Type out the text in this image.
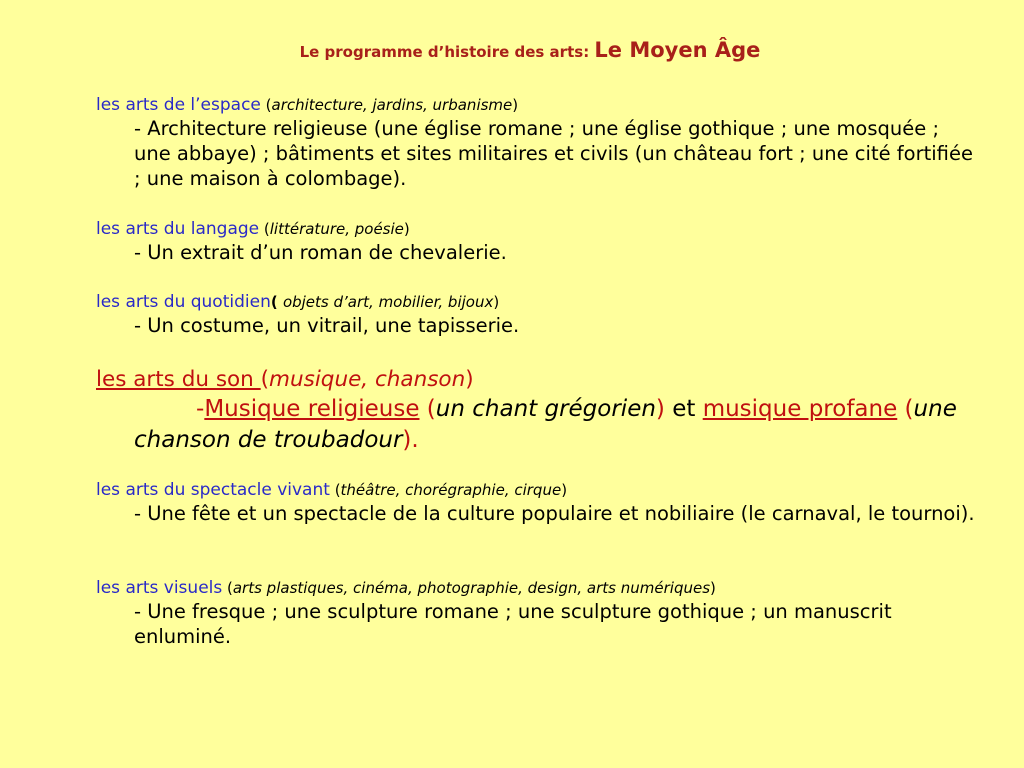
Le programme d’histoire des arts: Le Moyen Âge
les arts de l’espace (architecture, jardins, urbanisme)
- Architecture religieuse (une église romane ; une église gothique ; une mosquée ; une abbaye) ; bâtiments et sites militaires et civils (un château fort ; une cité fortifiée ; une maison à colombage).
les arts du langage (littérature, poésie)
- Un extrait d’un roman de chevalerie.
les arts du quotidien( objets d’art, mobilier, bijoux)
- Un costume, un vitrail, une tapisserie.
les arts du son (musique, chanson)
-Musique religieuse (un chant grégorien) et musique profane (une chanson de troubadour).
les arts du spectacle vivant (théâtre, chorégraphie, cirque)
- Une fête et un spectacle de la culture populaire et nobiliaire (le carnaval, le tournoi).
les arts visuels (arts plastiques, cinéma, photographie, design, arts numériques)
- Une fresque ; une sculpture romane ; une sculpture gothique ; un manuscrit enluminé.
